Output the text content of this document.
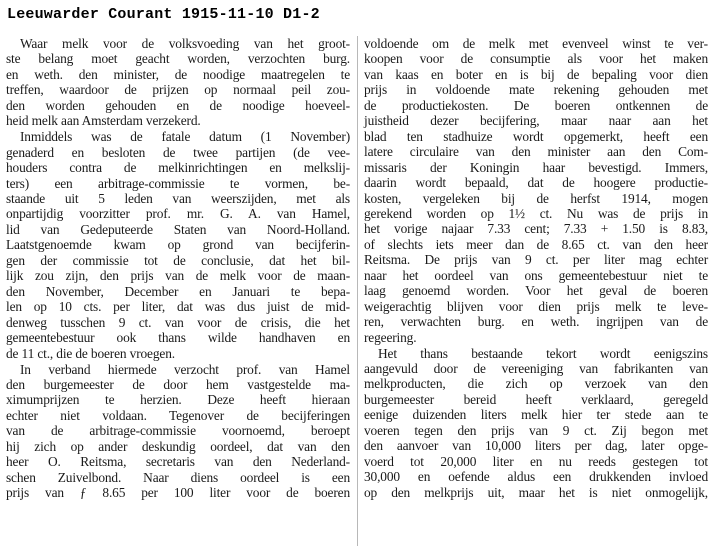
Leeuwarder Courant 1915-11-10 D1-2

Waar melk voor de volksvoeding van het groot-
ste belang moet geacht worden, verzochten burg.
en weth. den minister, de noodige maatregelen te
treffen, waardoor de prijzen op normaal peil zou-
den worden gehouden en de noodige hoeveel-
heid melk aan Amsterdam verzekerd.

Inmiddels was de fatale datum (1 November)
genaderd en besloten de twee partijen (de vee-
houders contra de melkinrichtingen en melkslij-
ters) een arbitrage-commissie te vormen, be-
staande uit 5 leden van weerszijden, met als
onpartijdig voorzitter prof. mr. G. A. van Hamel,
lid van Gedeputeerde Staten van Noord-Holland.
Laatstgenoemde kwam op grond van becijferin-
gen der commissie tot de conclusie, dat het bil-
lijk zou zijn, den prijs van de melk voor de maan-
den November, December en Januari te bepa-
len op 10 cts. per liter, dat was dus juist de mid-
denweg tusschen 9 ct. van voor de crisis, die het
gemeentebestuur ook thans wilde handhaven en
de 11 ct., die de boeren vroegen.

In verband hiermede verzocht prof. van Hamel
den burgemeester de door hem vastgestelde ma-
ximumprijzen te herzien. Deze heeft hieraan
echter niet voldaan. Tegenover de becijferingen
van de arbitrage-commissie voornoemd, beroept
hij zich op ander deskundig oordeel, dat van den
heer O. Reitsma, secretaris van den Nederland-
schen Zuivelbond. Naar diens oordeel is een
prijs van ƒ 8.65 per 100 liter voor de boeren

voldoende om de melk met evenveel winst te ver-
koopen voor de consumptie als voor het maken
van kaas en boter en is bij de bepaling voor dien
prijs in voldoende mate rekening gehouden met
de productiekosten. De boeren ontkennen de
juistheid dezer becijfering, maar naar aan het
blad ten stadhuize wordt opgemerkt, heeft een
latere circulaire van den minister aan den Com-
missaris der Koningin haar bevestigd. Immers,
daarin wordt bepaald, dat de hoogere productie-
kosten, vergeleken bij de herfst 1914, mogen
gerekend worden op 1½ ct. Nu was de prijs in
het vorige najaar 7.33 cent; 7.33 + 1.50 is 8.83,
of slechts iets meer dan de 8.65 ct. van den heer
Reitsma. De prijs van 9 ct. per liter mag echter
naar het oordeel van ons gemeentebestuur niet te
laag genoemd worden. Voor het geval de boeren
weigerachtig blijven voor dien prijs melk te leve-
ren, verwachten burg. en weth. ingrijpen van de
regeering.

Het thans bestaande tekort wordt eenigszins
aangevuld door de vereeniging van fabrikanten van
melkproducten, die zich op verzoek van den
burgemeester bereid heeft verklaard, geregeld
eenige duizenden liters melk hier ter stede aan te
voeren tegen den prijs van 9 ct. Zij begon met
den aanvoer van 10,000 liters per dag, later opge-
voerd tot 20,000 liter en nu reeds gestegen tot
30,000 en oefende aldus een drukkenden invloed
op den melkprijs uit, maar het is niet onmogelijk,
